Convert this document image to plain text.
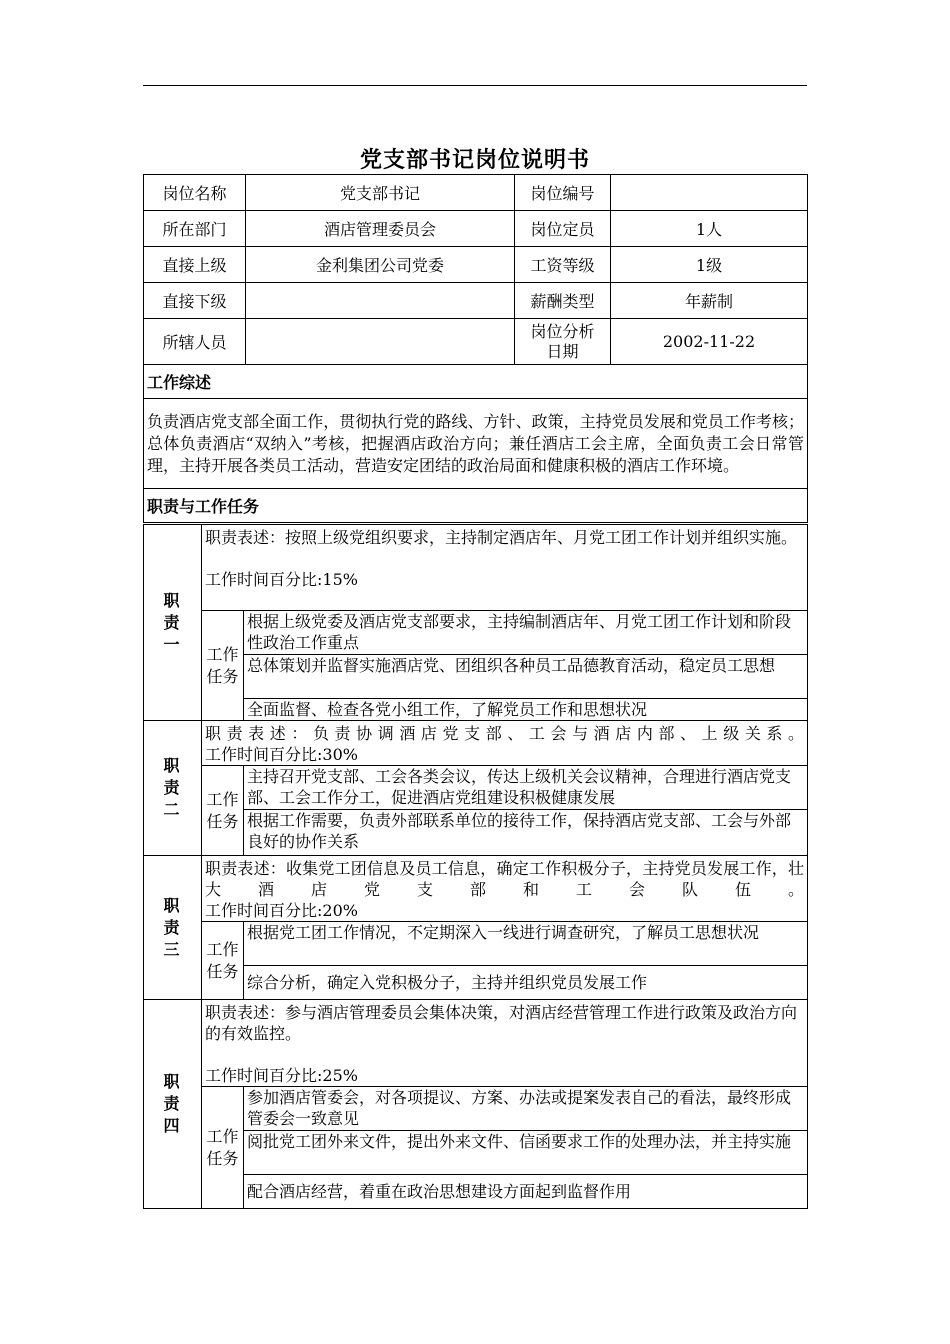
党支部书记岗位说明书
岗位名称	党支部书记	岗位编号	
所在部门	酒店管理委员会	岗位定员	1人
直接上级	金利集团公司党委	工资等级	1级
直接下级		薪酬类型	年薪制
所辖人员		岗位分析日期	2002-11-22
工作综述			
负责酒店党支部全面工作，贯彻执行党的路线、方针、政策，主持党员发展和党员工作考核；总体负责酒店“双纳入”考核，把握酒店政治方向；兼任酒店工会主席，全面负责工会日常管理，主持开展各类员工活动，营造安定团结的政治局面和健康积极的酒店工作环境。			
职责与工作任务			
职
责
一	职责表述：按照上级党组织要求，主持制定酒店年、月党工团工作计划并组织实施。

工作时间百分比:15%	

	工作
任务	根据上级党委及酒店党支部要求，主持编制酒店年、月党工团工作计划和阶段性政治工作重点
		总体策划并监督实施酒店党、团组织各种员工品德教育活动，稳定员工思想
		全面监督、检查各党小组工作，了解党员工作和思想状况

职
责
二	职责表述：负责协调酒店党支部、工会与酒店内部、上级关系。
工作时间百分比:30%	

	工作
任务	主持召开党支部、工会各类会议，传达上级机关会议精神，合理进行酒店党支部、工会工作分工，促进酒店党组建设积极健康发展
		根据工作需要，负责外部联系单位的接待工作，保持酒店党支部、工会与外部良好的协作关系

职
责
三	职责表述：收集党工团信息及员工信息，确定工作积极分子，主持党员发展工作，壮大酒店党支部和工会队伍。
工作时间百分比:20%	

	工作
任务	根据党工团工作情况，不定期深入一线进行调查研究，了解员工思想状况
		综合分析，确定入党积极分子，主持并组织党员发展工作

职
责
四	职责表述：参与酒店管理委员会集体决策，对酒店经营管理工作进行政策及政治方向的有效监控。

工作时间百分比:25%	

	工作
任务	参加酒店管委会，对各项提议、方案、办法或提案发表自己的看法，最终形成管委会一致意见
		阅批党工团外来文件，提出外来文件、信函要求工作的处理办法，并主持实施
		配合酒店经营，着重在政治思想建设方面起到监督作用
